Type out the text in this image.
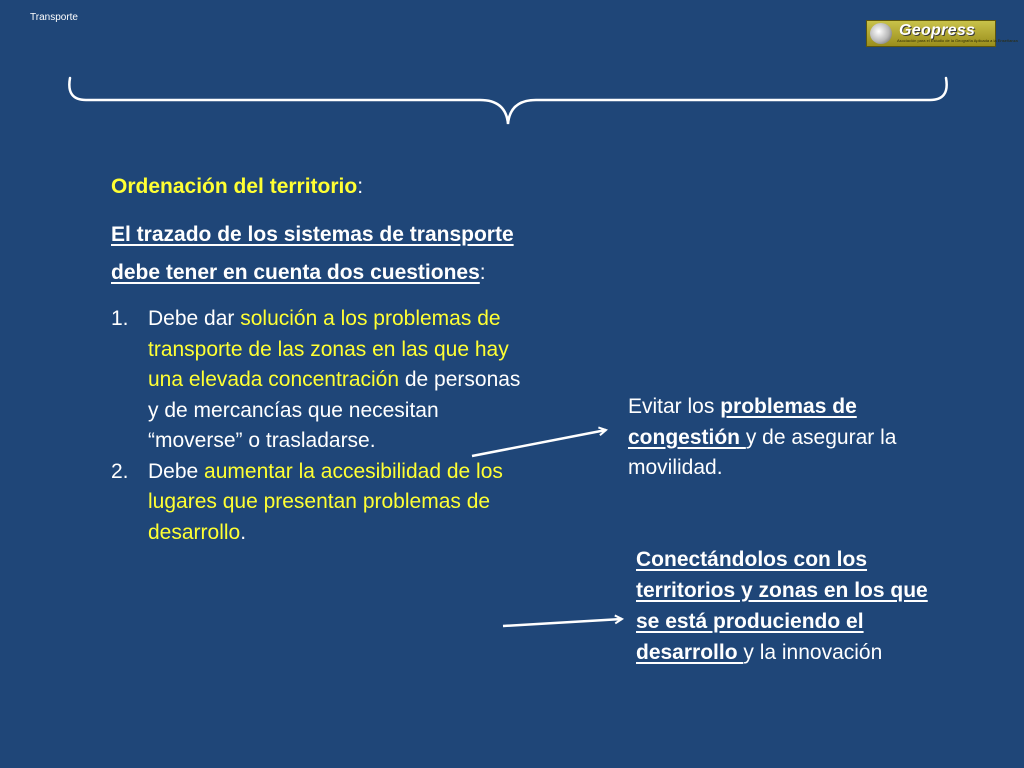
Transporte
Geopress
Asociación para el Estudio de la Geografía Aplicada a la Enseñanza
Ordenación del territorio:
El trazado de los sistemas de transporte debe tener en cuenta dos cuestiones:
1. Debe dar solución a los problemas de transporte de las zonas en las que hay una elevada concentración de personas y de mercancías que necesitan “moverse” o trasladarse.
2. Debe aumentar la accesibilidad de los lugares que presentan problemas de desarrollo.
Evitar los problemas de congestión y de asegurar la movilidad.
Conectándolos con los territorios y zonas en los que se está produciendo el desarrollo y la innovación
